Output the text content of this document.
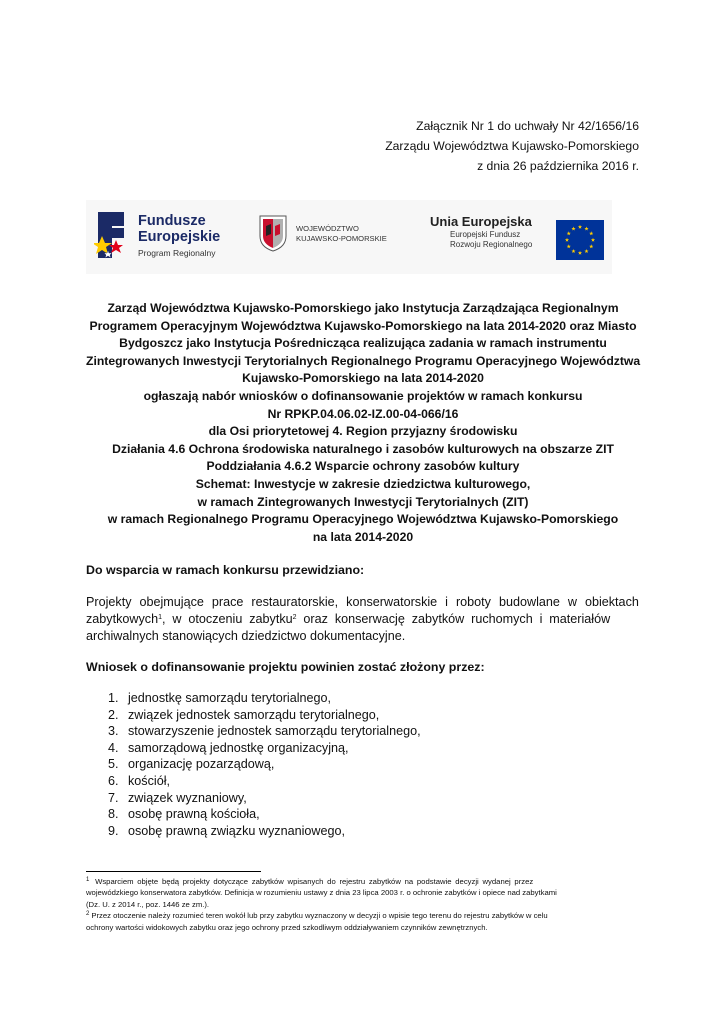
Załącznik Nr 1 do uchwały Nr 42/1656/16
Zarządu Województwa Kujawsko-Pomorskiego
z dnia 26 października 2016 r.
Fundusze
Europejskie
Program Regionalny
WOJEWÓDZTWO
KUJAWSKO-POMORSKIE
Unia Europejska
Europejski Fundusz
Rozwoju Regionalnego
Zarząd Województwa Kujawsko-Pomorskiego jako Instytucja Zarządzająca Regionalnym
Programem Operacyjnym Województwa Kujawsko-Pomorskiego na lata 2014-2020 oraz Miasto
Bydgoszcz jako Instytucja Pośrednicząca realizująca zadania w ramach instrumentu
Zintegrowanych Inwestycji Terytorialnych Regionalnego Programu Operacyjnego Województwa
Kujawsko-Pomorskiego na lata 2014-2020
ogłaszają nabór wniosków o dofinansowanie projektów w ramach konkursu
Nr RPKP.04.06.02-IZ.00-04-066/16
dla Osi priorytetowej 4. Region przyjazny środowisku
Działania 4.6 Ochrona środowiska naturalnego i zasobów kulturowych na obszarze ZIT
Poddziałania 4.6.2 Wsparcie ochrony zasobów kultury
Schemat: Inwestycje w zakresie dziedzictwa kulturowego,
w ramach Zintegrowanych Inwestycji Terytorialnych (ZIT)
w ramach Regionalnego Programu Operacyjnego Województwa Kujawsko-Pomorskiego
na lata 2014-2020
Do wsparcia w ramach konkursu przewidziano:
Projekty obejmujące prace restauratorskie, konserwatorskie i roboty budowlane w obiektach
zabytkowych$^1$, w otoczeniu zabytku$^2$ oraz konserwację zabytków ruchomych i materiałów
archiwalnych stanowiących dziedzictwo dokumentacyjne.
Wniosek o dofinansowanie projektu powinien zostać złożony przez:
1. jednostkę samorządu terytorialnego,
2. związek jednostek samorządu terytorialnego,
3. stowarzyszenie jednostek samorządu terytorialnego,
4. samorządową jednostkę organizacyjną,
5. organizację pozarządową,
6. kościół,
7. związek wyznaniowy,
8. osobę prawną kościoła,
9. osobę prawną związku wyznaniowego,
$^1$ Wsparciem objęte będą projekty dotyczące zabytków wpisanych do rejestru zabytków na podstawie decyzji wydanej przez
wojewódzkiego konserwatora zabytków. Definicja w rozumieniu ustawy z dnia 23 lipca 2003 r. o ochronie zabytków i opiece nad zabytkami
(Dz. U. z 2014 r., poz. 1446 ze zm.).
$^2$ Przez otoczenie należy rozumieć teren wokół lub przy zabytku wyznaczony w decyzji o wpisie tego terenu do rejestru zabytków w celu
ochrony wartości widokowych zabytku oraz jego ochrony przed szkodliwym oddziaływaniem czynników zewnętrznych.
